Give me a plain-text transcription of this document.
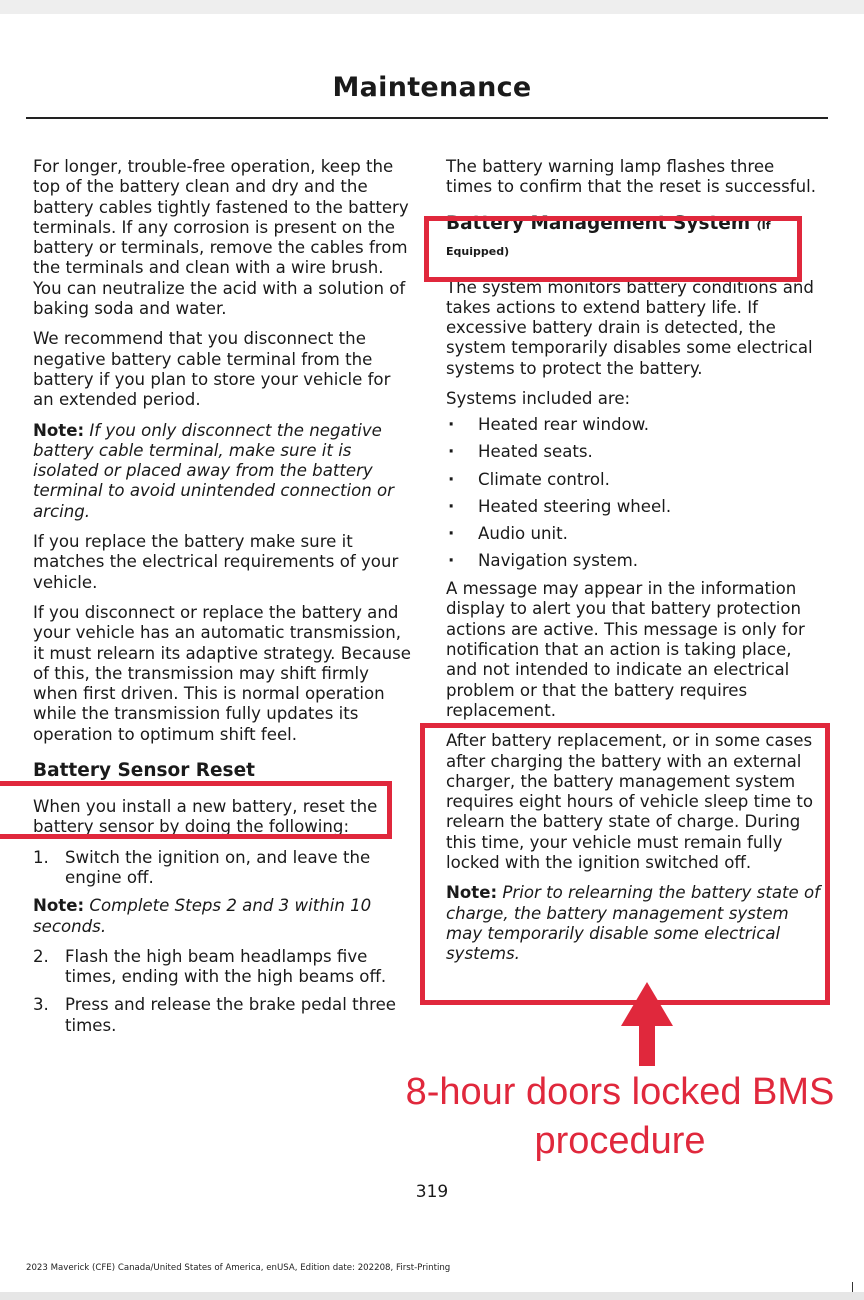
Maintenance

For longer, trouble-free operation, keep the top of the battery clean and dry and the battery cables tightly fastened to the battery terminals. If any corrosion is present on the battery or terminals, remove the cables from the terminals and clean with a wire brush. You can neutralize the acid with a solution of baking soda and water.

We recommend that you disconnect the negative battery cable terminal from the battery if you plan to store your vehicle for an extended period.

Note: If you only disconnect the negative battery cable terminal, make sure it is isolated or placed away from the battery terminal to avoid unintended connection or arcing.

If you replace the battery make sure it matches the electrical requirements of your vehicle.

If you disconnect or replace the battery and your vehicle has an automatic transmission, it must relearn its adaptive strategy. Because of this, the transmission may shift firmly when first driven. This is normal operation while the transmission fully updates its operation to optimum shift feel.

Battery Sensor Reset

When you install a new battery, reset the battery sensor by doing the following:

1. Switch the ignition on, and leave the engine off.

Note: Complete Steps 2 and 3 within 10 seconds.

2. Flash the high beam headlamps five times, ending with the high beams off.
3. Press and release the brake pedal three times.

The battery warning lamp flashes three times to confirm that the reset is successful.

Battery Management System (If Equipped)

The system monitors battery conditions and takes actions to extend battery life. If excessive battery drain is detected, the system temporarily disables some electrical systems to protect the battery.

Systems included are:

· Heated rear window.
· Heated seats.
· Climate control.
· Heated steering wheel.
· Audio unit.
· Navigation system.

A message may appear in the information display to alert you that battery protection actions are active. This message is only for notification that an action is taking place, and not intended to indicate an electrical problem or that the battery requires replacement.

After battery replacement, or in some cases after charging the battery with an external charger, the battery management system requires eight hours of vehicle sleep time to relearn the battery state of charge. During this time, your vehicle must remain fully locked with the ignition switched off.

Note: Prior to relearning the battery state of charge, the battery management system may temporarily disable some electrical systems.

8-hour doors locked BMS
procedure
319
2023 Maverick (CFE) Canada/United States of America, enUSA, Edition date: 202208, First-Printing
